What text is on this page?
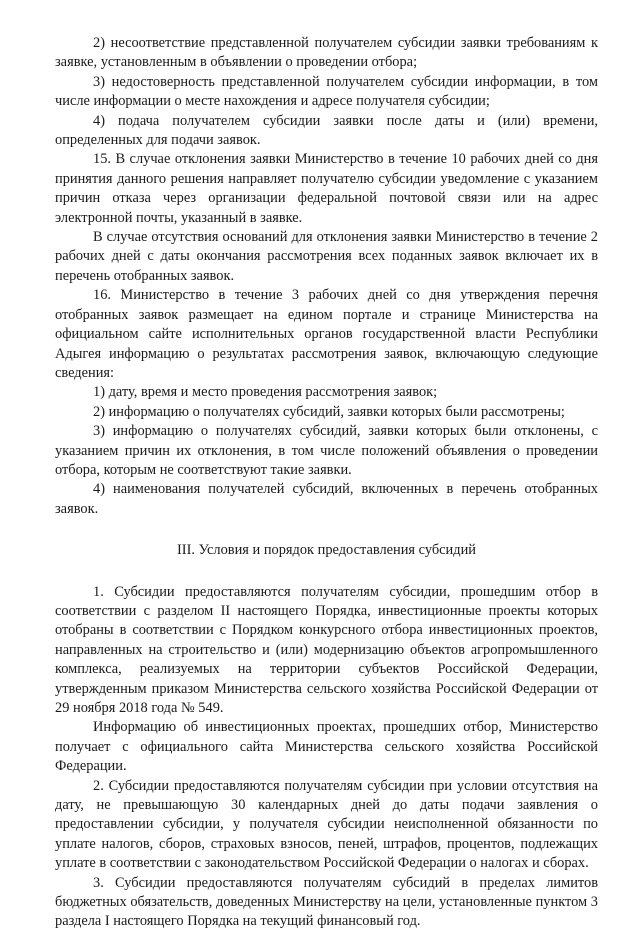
2) несоответствие представленной получателем субсидии заявки требованиям к заявке, установленным в объявлении о проведении отбора;

3) недостоверность представленной получателем субсидии информации, в том числе информации о месте нахождения и адресе получателя субсидии;

4) подача получателем субсидии заявки после даты и (или) времени, определенных для подачи заявок.

15. В случае отклонения заявки Министерство в течение 10 рабочих дней со дня принятия данного решения направляет получателю субсидии уведомление с указанием причин отказа через организации федеральной почтовой связи или на адрес электронной почты, указанный в заявке.

В случае отсутствия оснований для отклонения заявки Министерство в течение 2 рабочих дней с даты окончания рассмотрения всех поданных заявок включает их в перечень отобранных заявок.

16. Министерство в течение 3 рабочих дней со дня утверждения перечня отобранных заявок размещает на едином портале и странице Министерства на официальном сайте исполнительных органов государственной власти Республики Адыгея информацию о результатах рассмотрения заявок, включающую следующие сведения:

1) дату, время и место проведения рассмотрения заявок;

2) информацию о получателях субсидий, заявки которых были рассмотрены;

3) информацию о получателях субсидий, заявки которых были отклонены, с указанием причин их отклонения, в том числе положений объявления о проведении отбора, которым не соответствуют такие заявки.

4) наименования получателей субсидий, включенных в перечень отобранных заявок.

III. Условия и порядок предоставления субсидий

1. Субсидии предоставляются получателям субсидии, прошедшим отбор в соответствии с разделом II настоящего Порядка, инвестиционные проекты которых отобраны в соответствии с Порядком конкурсного отбора инвестиционных проектов, направленных на строительство и (или) модернизацию объектов агропромышленного комплекса, реализуемых на территории субъектов Российской Федерации, утвержденным приказом Министерства сельского хозяйства Российской Федерации от 29 ноября 2018 года № 549.

Информацию об инвестиционных проектах, прошедших отбор, Министерство получает с официального сайта Министерства сельского хозяйства Российской Федерации.

2. Субсидии предоставляются получателям субсидии при условии отсутствия на дату, не превышающую 30 календарных дней до даты подачи заявления о предоставлении субсидии, у получателя субсидии неисполненной обязанности по уплате налогов, сборов, страховых взносов, пеней, штрафов, процентов, подлежащих уплате в соответствии с законодательством Российской Федерации о налогах и сборах.

3. Субсидии предоставляются получателям субсидий в пределах лимитов бюджетных обязательств, доведенных Министерству на цели, установленные пунктом 3 раздела I настоящего Порядка на текущий финансовый год.
